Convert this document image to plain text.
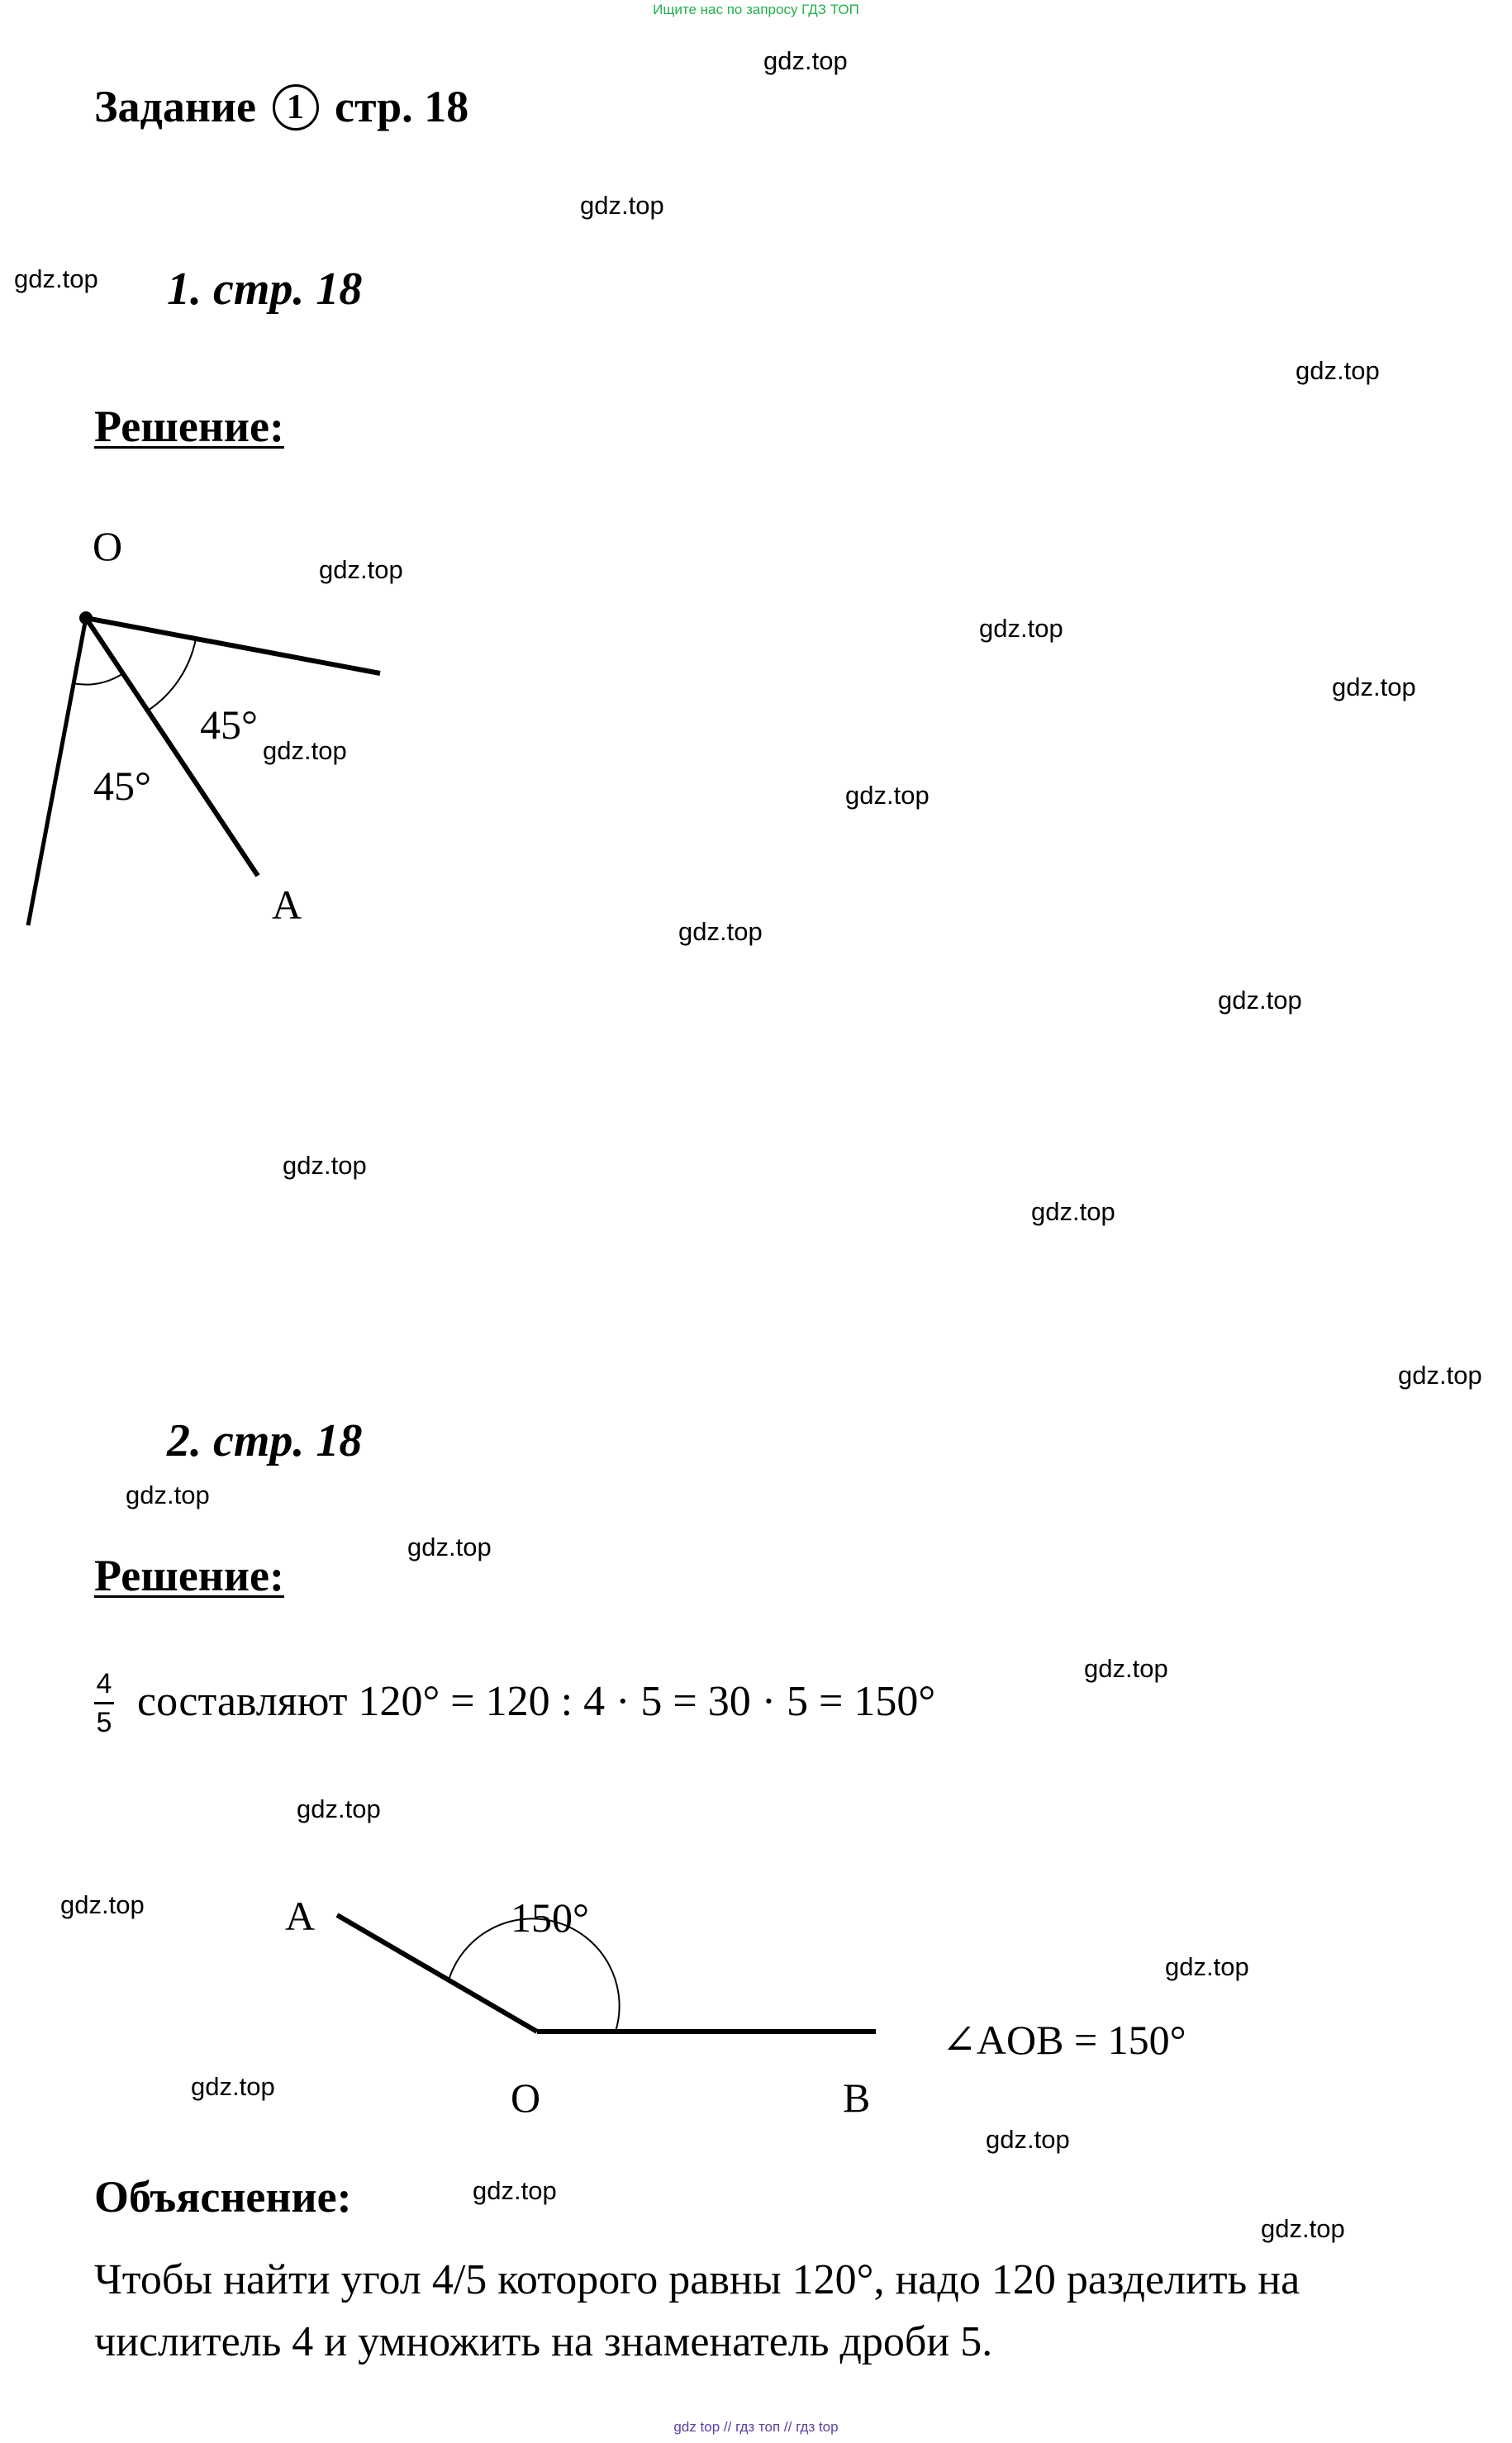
Ищите нас по запросу ГДЗ ТОП
Задание 1 стр. 18
1. стр. 18
Решение:
O
45°
45°
A
2. стр. 18
Решение:
$\frac{4}{5}$ составляют 120° = 120 : 4 · 5 = 30 · 5 = 150°
A	150°
∠AOB = 150°
O	B
Объяснение:
Чтобы найти угол 4/5 которого равны 120°, надо 120 разделить на числитель 4 и умножить на знаменатель дроби 5.
gdz.top
gdz.top
gdz.top
gdz.top
gdz.top
gdz.top
gdz.top
gdz.top
gdz.top
gdz.top
gdz.top
gdz.top
gdz.top
gdz.top
gdz.top
gdz.top
gdz.top
gdz.top
gdz.top
gdz.top
gdz.top
gdz.top
gdz.top
gdz.top
gdz top // гдз топ // гдз top
